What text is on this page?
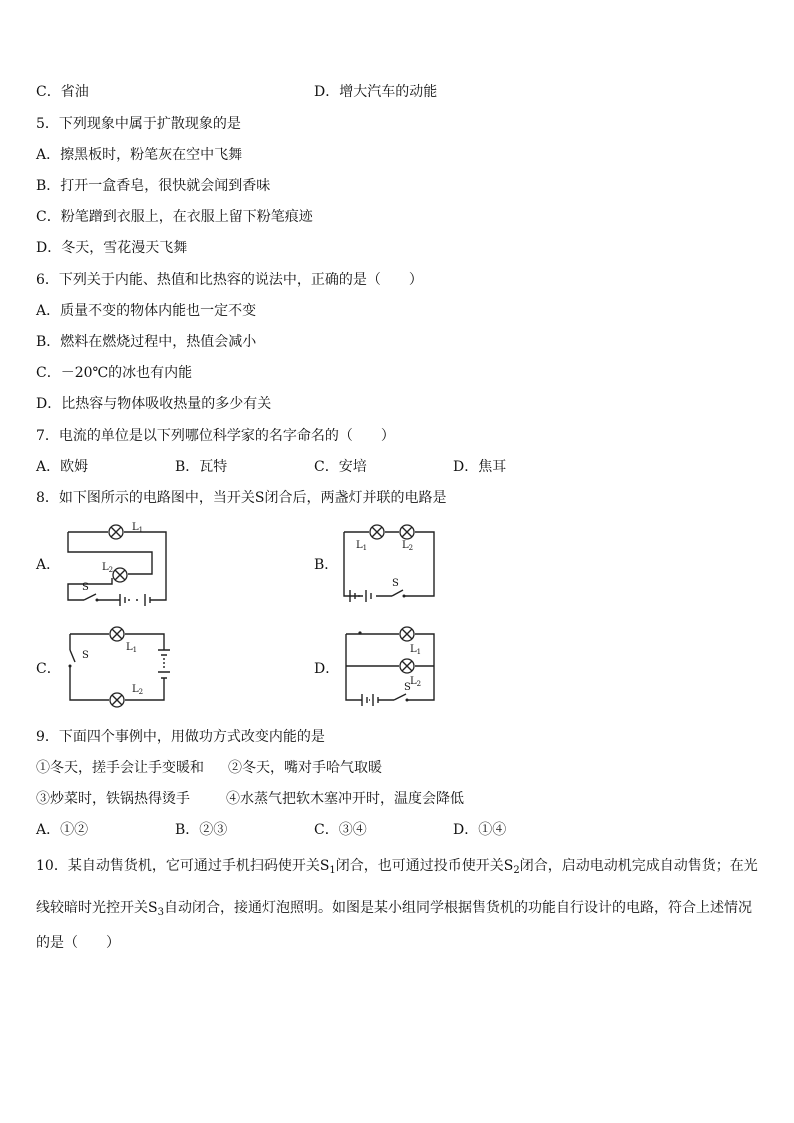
C．省油	D．增大汽车的动能
5．下列现象中属于扩散现象的是
A．擦黑板时，粉笔灰在空中飞舞
B．打开一盒香皂，很快就会闻到香味
C．粉笔蹭到衣服上，在衣服上留下粉笔痕迹
D．冬天，雪花漫天飞舞
6．下列关于内能、热值和比热容的说法中，正确的是（　　）
A．质量不变的物体内能也一定不变
B．燃料在燃烧过程中，热值会减小
C．－20℃的冰也有内能
D．比热容与物体吸收热量的多少有关
7．电流的单位是以下列哪位科学家的名字命名的（　　）
A．欧姆	B．瓦特	C．安培	D．焦耳
8．如下图所示的电路图中，当开关S闭合后，两盏灯并联的电路是
A．
$L_1$
$L_2$
S
B．
$L_1$	$L_2$
S
C．
S
$L_1$
$L_2$
D．
$L_1$
$L_2$
S
9．下面四个事例中，用做功方式改变内能的是
①冬天，搓手会让手变暖和 ②冬天，嘴对手哈气取暖
③炒菜时，铁锅热得烫手	④水蒸气把软木塞冲开时，温度会降低
A．①②	B．②③	C．③④	D．①④
10．某自动售货机，它可通过手机扫码使开关$S_1$闭合，也可通过投币使开关$S_2$闭合，启动电动机完成自动售货；在光
线较暗时光控开关$S_3$自动闭合，接通灯泡照明。如图是某小组同学根据售货机的功能自行设计的电路，符合上述情况
的是（　　）
